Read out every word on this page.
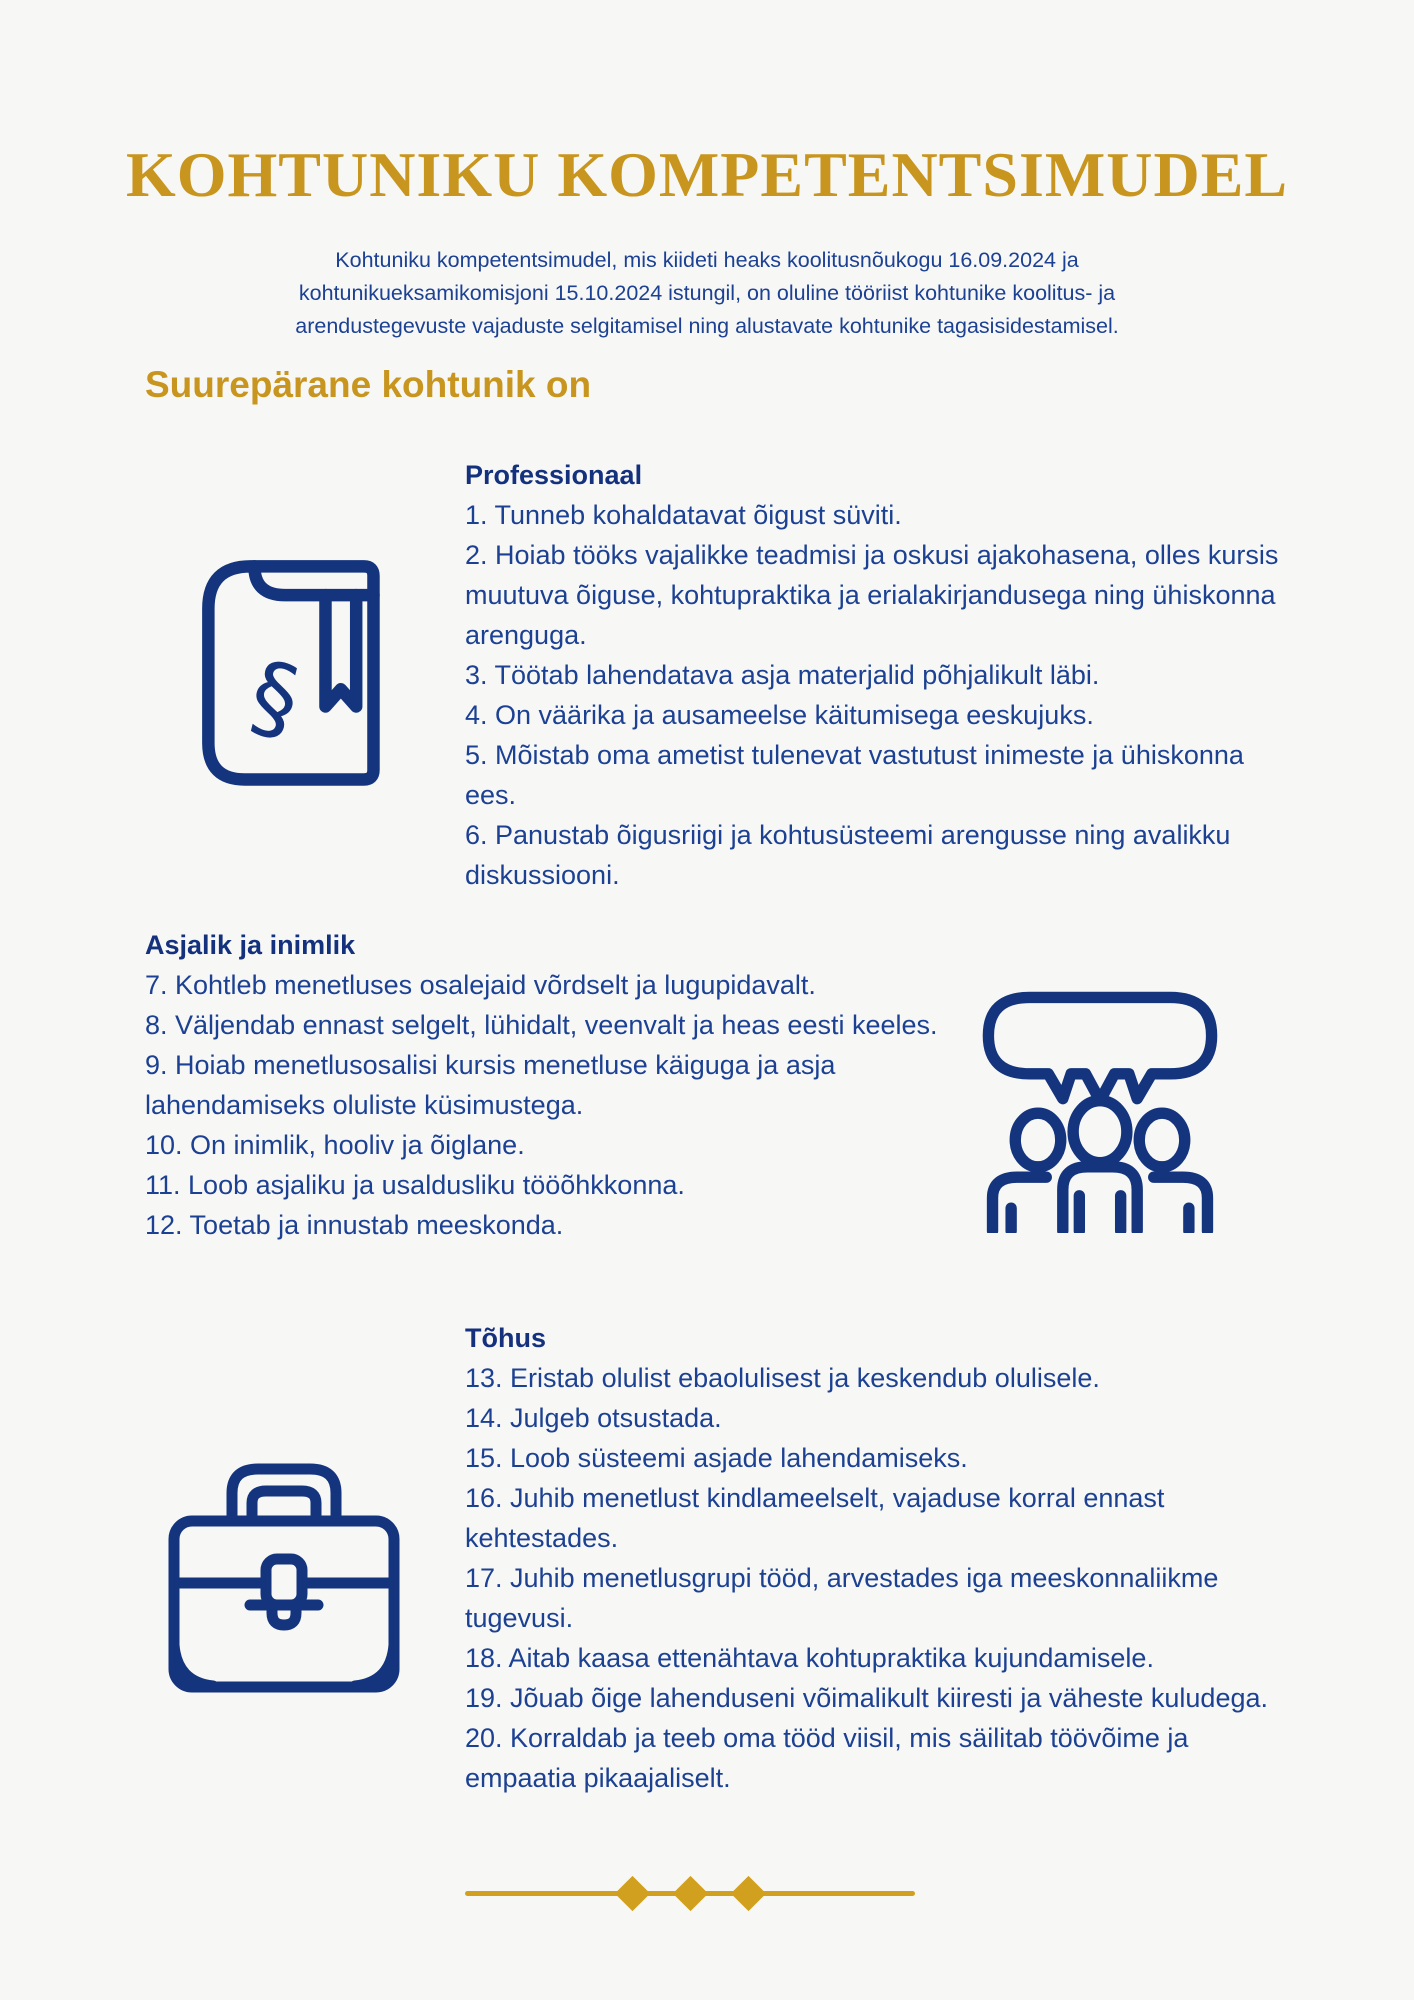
KOHTUNIKU KOMPETENTSIMUDEL
Kohtuniku kompetentsimudel, mis kiideti heaks koolitusnõukogu 16.09.2024 ja kohtunikueksamikomisjoni 15.10.2024 istungil, on oluline tööriist kohtunike koolitus- ja arendustegevuste vajaduste selgitamisel ning alustavate kohtunike tagasisidestamisel.
Suurepärane kohtunik on
§
Professionaal
1. Tunneb kohaldatavat õigust süviti.
2. Hoiab tööks vajalikke teadmisi ja oskusi ajakohasena, olles kursis muutuva õiguse, kohtupraktika ja erialakirjandusega ning ühiskonna arenguga.
3. Töötab lahendatava asja materjalid põhjalikult läbi.
4. On väärika ja ausameelse käitumisega eeskujuks.
5. Mõistab oma ametist tulenevat vastutust inimeste ja ühiskonna ees.
6. Panustab õigusriigi ja kohtusüsteemi arengusse ning avalikku diskussiooni.
Asjalik ja inimlik
7. Kohtleb menetluses osalejaid võrdselt ja lugupidavalt.
8. Väljendab ennast selgelt, lühidalt, veenvalt ja heas eesti keeles.
9. Hoiab menetlusosalisi kursis menetluse käiguga ja asja lahendamiseks oluliste küsimustega.
10. On inimlik, hooliv ja õiglane.
11. Loob asjaliku ja usaldusliku tööõhkkonna.
12. Toetab ja innustab meeskonda.
Tõhus
13. Eristab olulist ebaolulisest ja keskendub olulisele.
14. Julgeb otsustada.
15. Loob süsteemi asjade lahendamiseks.
16. Juhib menetlust kindlameelselt, vajaduse korral ennast kehtestades.
17. Juhib menetlusgrupi tööd, arvestades iga meeskonnaliikme tugevusi.
18. Aitab kaasa ettenähtava kohtupraktika kujundamisele.
19. Jõuab õige lahenduseni võimalikult kiiresti ja väheste kuludega.
20. Korraldab ja teeb oma tööd viisil, mis säilitab töövõime ja empaatia pikaajaliselt.
